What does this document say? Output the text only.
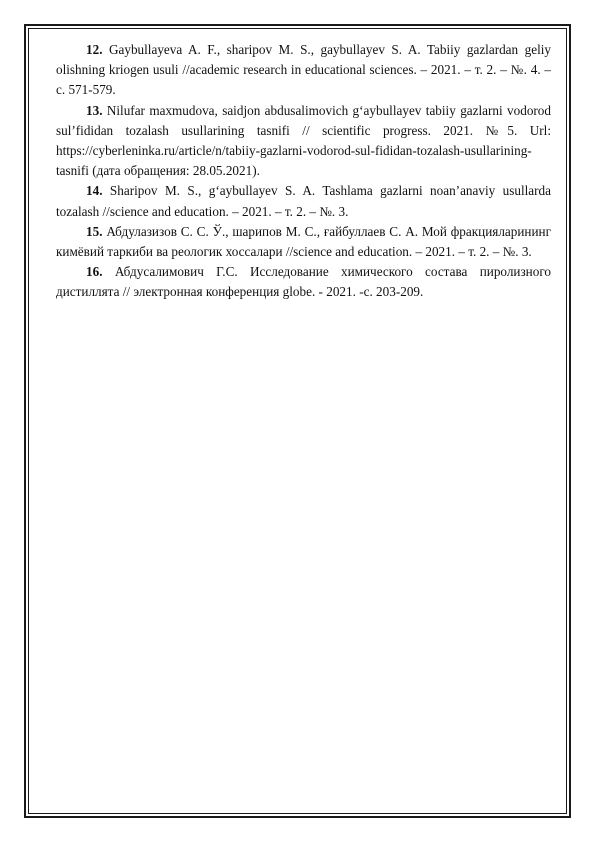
12. Gaybullayeva A. F., sharipov M. S., gaybullayev S. A. Tabiiy gazlardan geliy olishning kriogen usuli //academic research in educational sciences. – 2021. – т. 2. – №. 4. – с. 571-579.

13. Nilufar maxmudova, saidjon abdusalimovich g‘aybullayev tabiiy gazlarni vodorod sul’fididan tozalash usullarining tasnifi // scientific progress. 2021. №5. Url: https://cyberleninka.ru/article/n/tabiiy-gazlarni-vodorod-sul-fididan-tozalash-usullarining-tasnifi (дата обращения: 28.05.2021).

14. Sharipov M. S., g‘aybullayev S. A. Tashlama gazlarni noan’anaviy usullarda tozalash //science and education. – 2021. – т. 2. – №. 3.

15. Абдулазизов С. С. Ў., шарипов М. С., ғайбуллаев С. А. Мой фракцияларининг кимёвий таркиби ва реологик хоссалари //science and education. – 2021. – т. 2. – №. 3.

16. Абдусалимович Г.С. Исследование химического состава пиролизного дистиллята // электронная конференция globe. - 2021. -с. 203-209.
